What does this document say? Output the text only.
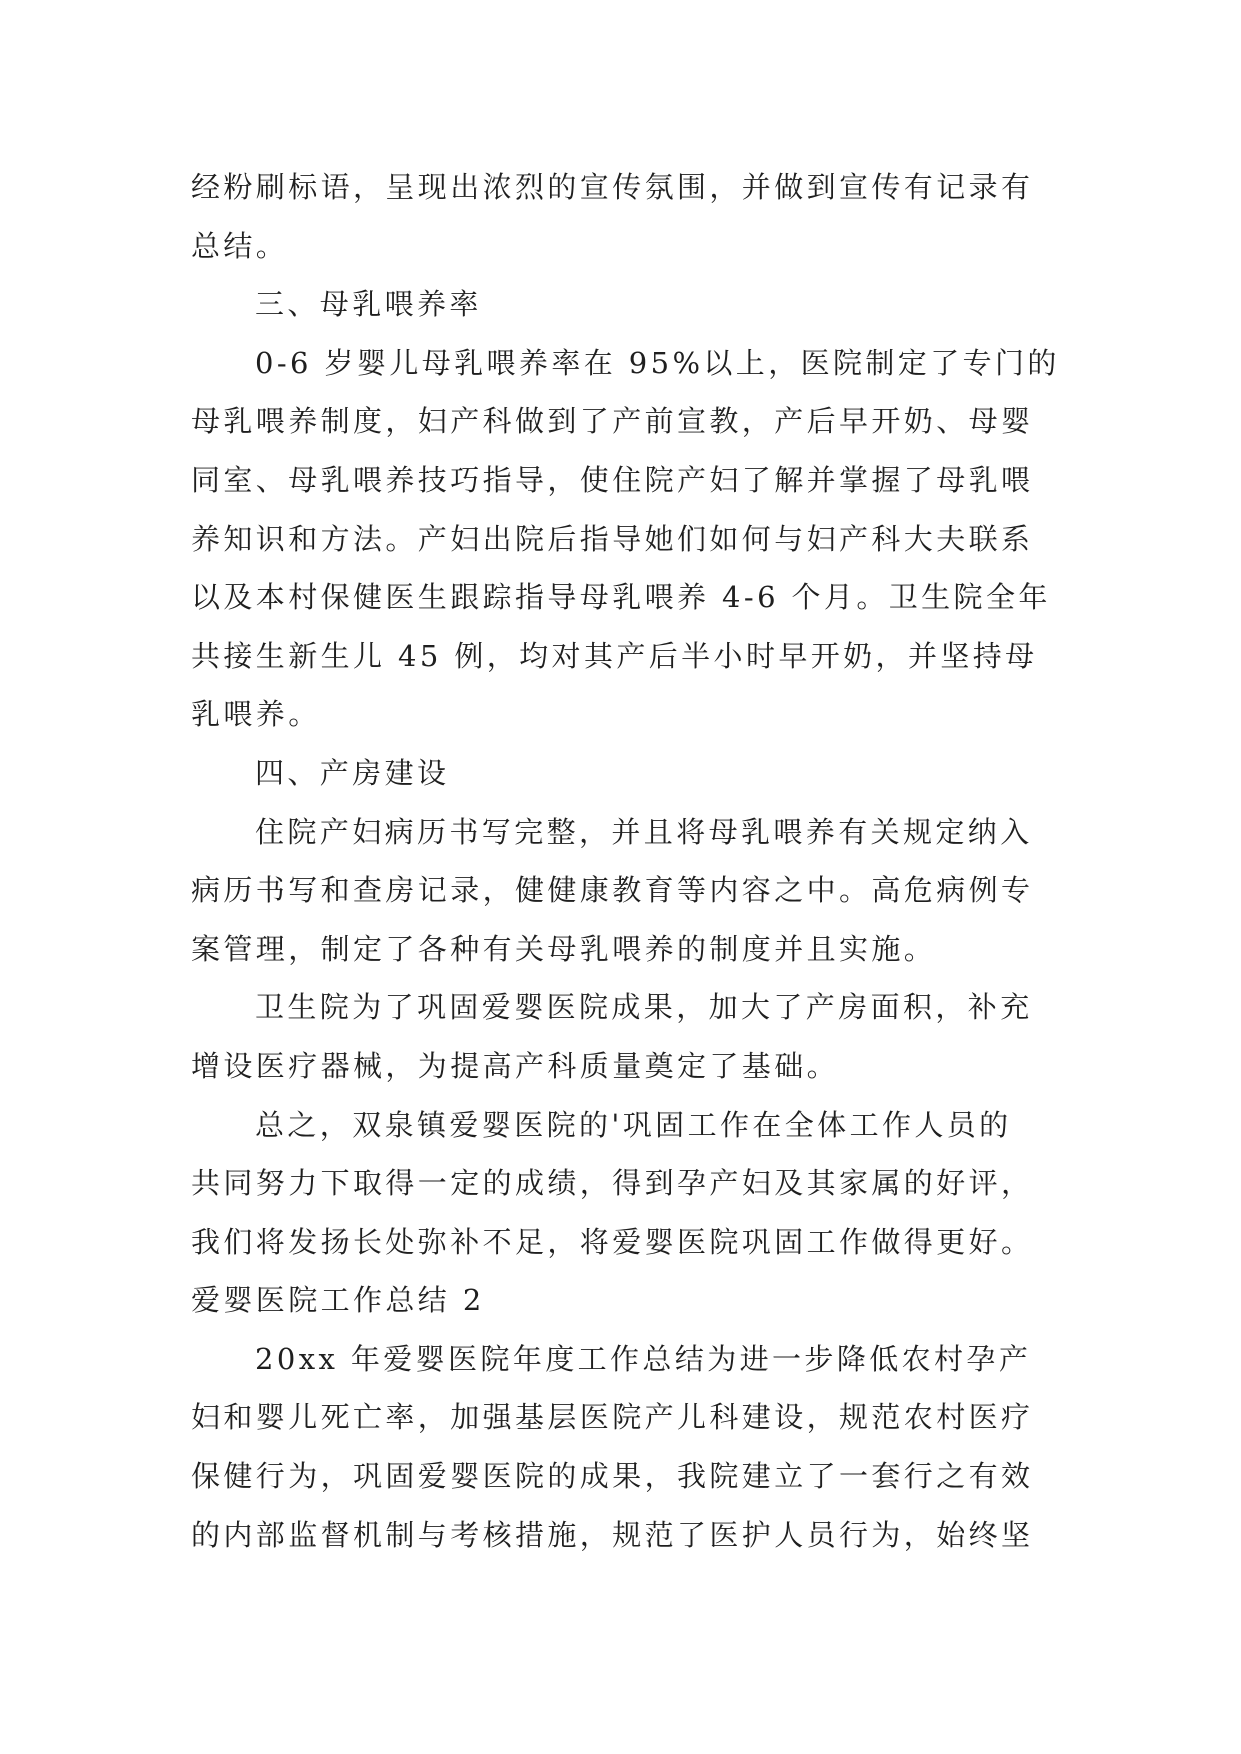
经粉刷标语，呈现出浓烈的宣传氛围，并做到宣传有记录有
总结。
三、母乳喂养率
0-6 岁婴儿母乳喂养率在 95%以上，医院制定了专门的
母乳喂养制度，妇产科做到了产前宣教，产后早开奶、母婴
同室、母乳喂养技巧指导，使住院产妇了解并掌握了母乳喂
养知识和方法。产妇出院后指导她们如何与妇产科大夫联系
以及本村保健医生跟踪指导母乳喂养 4-6 个月。卫生院全年
共接生新生儿 45 例，均对其产后半小时早开奶，并坚持母
乳喂养。
四、产房建设
住院产妇病历书写完整，并且将母乳喂养有关规定纳入
病历书写和查房记录，健健康教育等内容之中。高危病例专
案管理，制定了各种有关母乳喂养的制度并且实施。
卫生院为了巩固爱婴医院成果，加大了产房面积，补充
增设医疗器械，为提高产科质量奠定了基础。
总之，双泉镇爱婴医院的'巩固工作在全体工作人员的
共同努力下取得一定的成绩，得到孕产妇及其家属的好评，
我们将发扬长处弥补不足，将爱婴医院巩固工作做得更好。
爱婴医院工作总结 2
20xx 年爱婴医院年度工作总结为进一步降低农村孕产
妇和婴儿死亡率，加强基层医院产儿科建设，规范农村医疗
保健行为，巩固爱婴医院的成果，我院建立了一套行之有效
的内部监督机制与考核措施，规范了医护人员行为，始终坚
